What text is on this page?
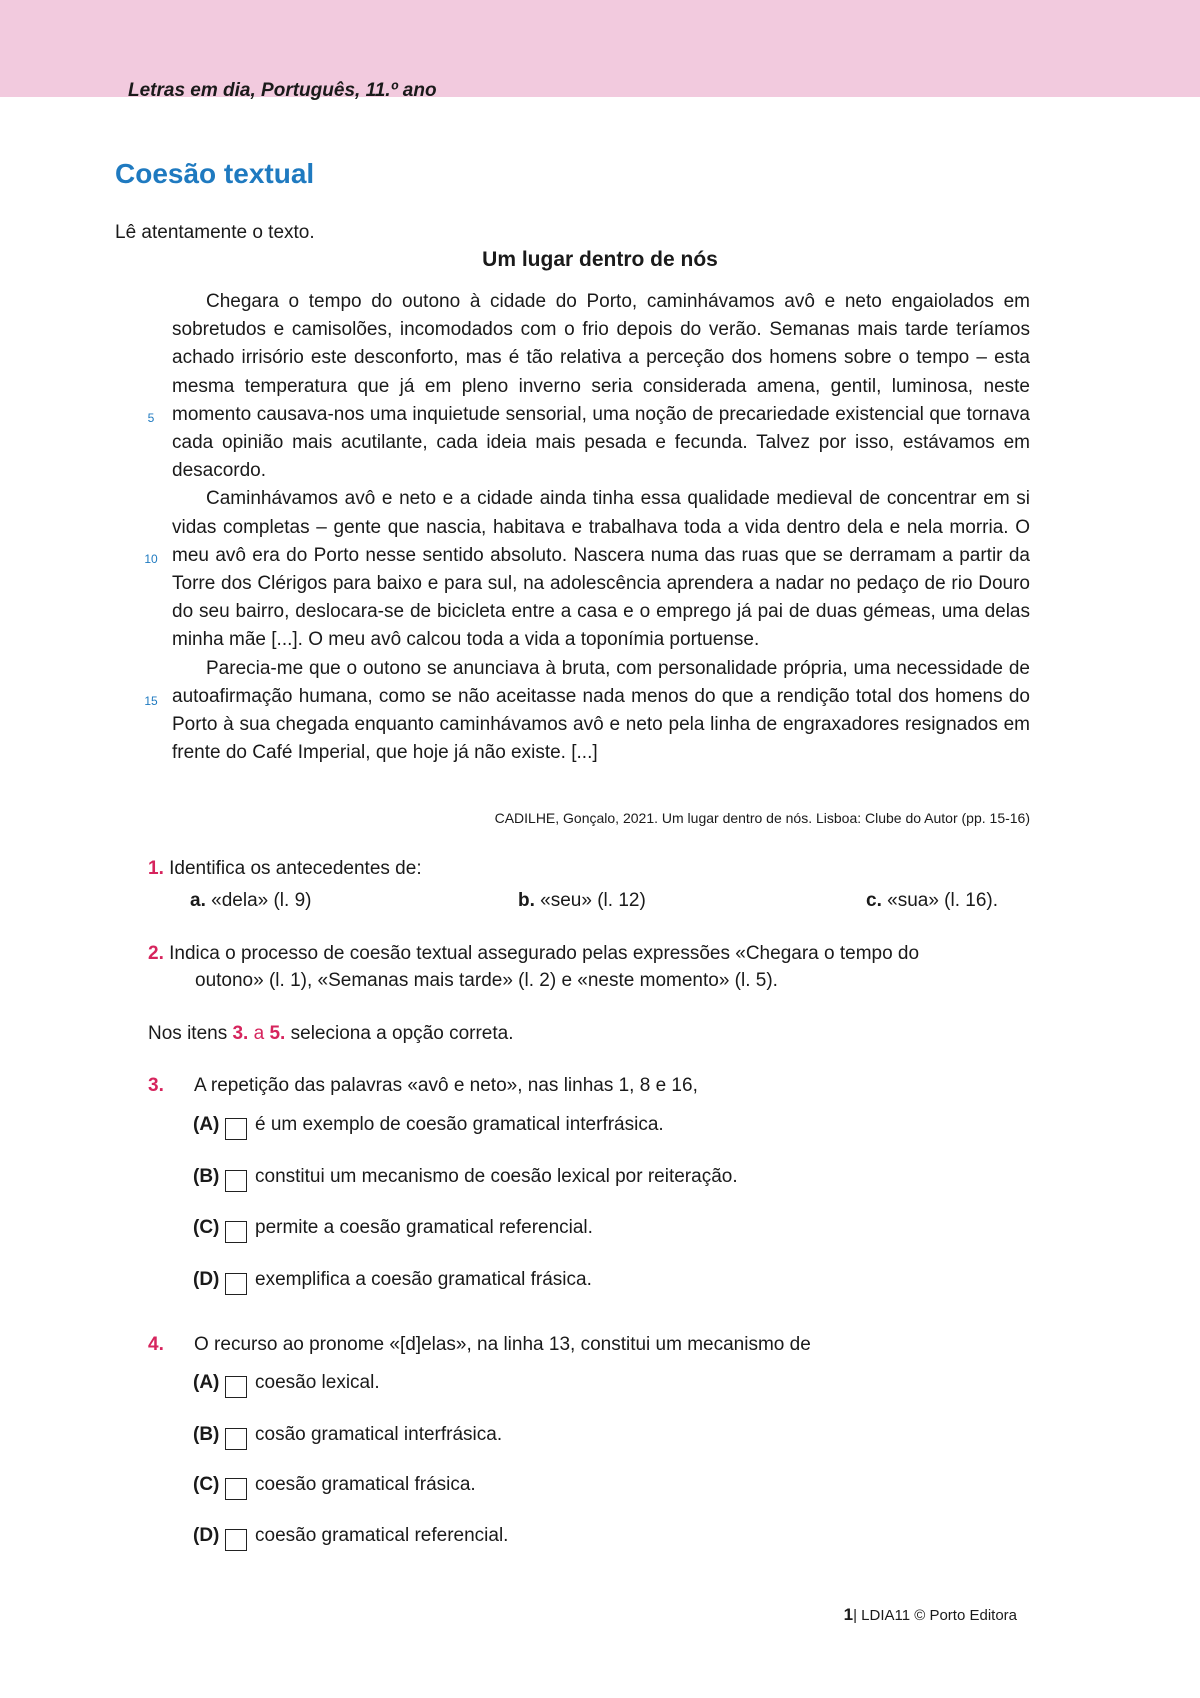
Letras em dia, Português, 11.º ano
Coesão textual
Lê atentamente o texto.
Um lugar dentro de nós

Chegara o tempo do outono à cidade do Porto, caminhávamos avô e neto engaiolados em sobretudos e camisolões, incomodados com o frio depois do verão. Semanas mais tarde teríamos achado irrisório este desconforto, mas é tão relativa a perceção dos homens sobre o tempo – esta mesma temperatura que já em pleno inverno seria considerada amena, gentil, luminosa, neste momento causava-nos uma inquietude sensorial, uma noção de precariedade existencial que tornava cada opinião mais acutilante, cada ideia mais pesada e fecunda. Talvez por isso, estávamos em desacordo.

Caminhávamos avô e neto e a cidade ainda tinha essa qualidade medieval de concentrar em si vidas completas – gente que nascia, habitava e trabalhava toda a vida dentro dela e nela morria. O meu avô era do Porto nesse sentido absoluto. Nascera numa das ruas que se derramam a partir da Torre dos Clérigos para baixo e para sul, na adolescência aprendera a nadar no pedaço de rio Douro do seu bairro, deslocara-se de bicicleta entre a casa e o emprego já pai de duas gémeas, uma delas minha mãe [...]. O meu avô calcou toda a vida a toponímia portuense.

Parecia-me que o outono se anunciava à bruta, com personalidade própria, uma necessidade de autoafirmação humana, como se não aceitasse nada menos do que a rendição total dos homens do Porto à sua chegada enquanto caminhávamos avô e neto pela linha de engraxadores resignados em frente do Café Imperial, que hoje já não existe. [...]

5
10
15
CADILHE, Gonçalo, 2021. Um lugar dentro de nós. Lisboa: Clube do Autor (pp. 15-16)
1. Identifica os antecedentes de:
a. «dela» (l. 9)	b. «seu» (l. 12)	c. «sua» (l. 16).
2. Indica o processo de coesão textual assegurado pelas expressões «Chegara o tempo do
outono» (l. 1), «Semanas mais tarde» (l. 2) e «neste momento» (l. 5).
Nos itens 3. a 5. seleciona a opção correta.
3. A repetição das palavras «avô e neto», nas linhas 1, 8 e 16,
(A) é um exemplo de coesão gramatical interfrásica.
(B) constitui um mecanismo de coesão lexical por reiteração.
(C) permite a coesão gramatical referencial.
(D) exemplifica a coesão gramatical frásica.
4. O recurso ao pronome «[d]elas», na linha 13, constitui um mecanismo de
(A) coesão lexical.
(B) cosão gramatical interfrásica.
(C) coesão gramatical frásica.
(D) coesão gramatical referencial.
1| LDIA11 © Porto Editora
